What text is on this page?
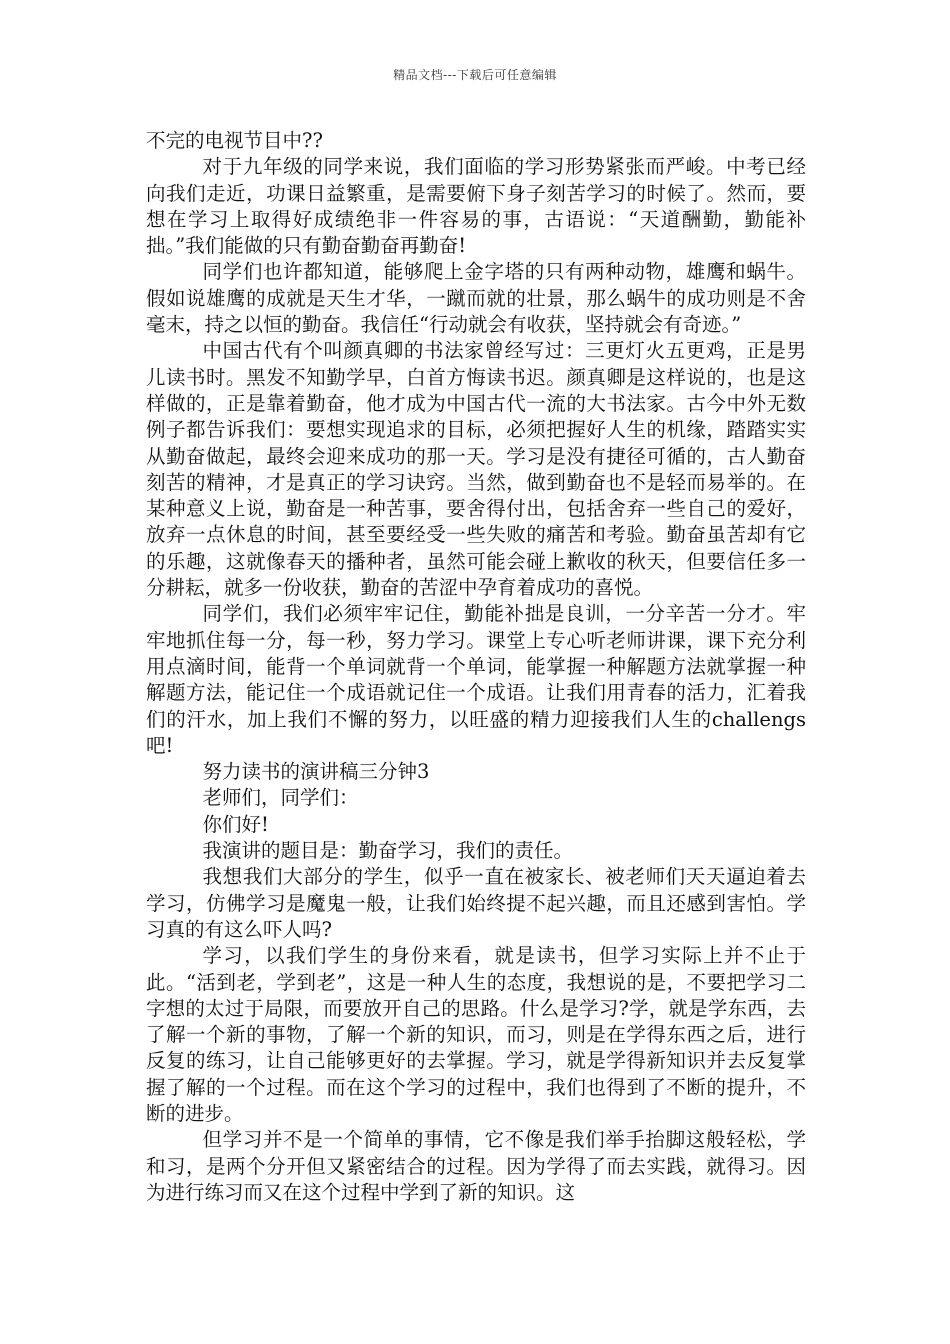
精品文档---下载后可任意编辑

不完的电视节目中??

对于九年级的同学来说，我们面临的学习形势紧张而严峻。中考已经向我们走近，功课日益繁重，是需要俯下身子刻苦学习的时候了。然而，要想在学习上取得好成绩绝非一件容易的事，古语说：“天道酬勤，勤能补拙。”我们能做的只有勤奋勤奋再勤奋!

同学们也许都知道，能够爬上金字塔的只有两种动物，雄鹰和蜗牛。假如说雄鹰的成就是天生才华，一蹴而就的壮景，那么蜗牛的成功则是不舍毫末，持之以恒的勤奋。我信任“行动就会有收获，坚持就会有奇迹。”

中国古代有个叫颜真卿的书法家曾经写过：三更灯火五更鸡，正是男儿读书时。黑发不知勤学早，白首方悔读书迟。颜真卿是这样说的，也是这样做的，正是靠着勤奋，他才成为中国古代一流的大书法家。古今中外无数例子都告诉我们：要想实现追求的目标，必须把握好人生的机缘，踏踏实实从勤奋做起，最终会迎来成功的那一天。学习是没有捷径可循的，古人勤奋刻苦的精神，才是真正的学习诀窍。当然，做到勤奋也不是轻而易举的。在某种意义上说，勤奋是一种苦事，要舍得付出，包括舍弃一些自己的爱好，放弃一点休息的时间，甚至要经受一些失败的痛苦和考验。勤奋虽苦却有它的乐趣，这就像春天的播种者，虽然可能会碰上歉收的秋天，但要信任多一分耕耘，就多一份收获，勤奋的苦涩中孕育着成功的喜悦。

同学们，我们必须牢牢记住，勤能补拙是良训，一分辛苦一分才。牢牢地抓住每一分，每一秒，努力学习。课堂上专心听老师讲课，课下充分利用点滴时间，能背一个单词就背一个单词，能掌握一种解题方法就掌握一种解题方法，能记住一个成语就记住一个成语。让我们用青春的活力，汇着我们的汗水，加上我们不懈的努力，以旺盛的精力迎接我们人生的challengs吧!

努力读书的演讲稿三分钟3

老师们，同学们：

你们好!

我演讲的题目是：勤奋学习，我们的责任。

我想我们大部分的学生，似乎一直在被家长、被老师们天天逼迫着去学习，仿佛学习是魔鬼一般，让我们始终提不起兴趣，而且还感到害怕。学习真的有这么吓人吗?

学习，以我们学生的身份来看，就是读书，但学习实际上并不止于此。“活到老，学到老”，这是一种人生的态度，我想说的是，不要把学习二字想的太过于局限，而要放开自己的思路。什么是学习?学，就是学东西，去了解一个新的事物，了解一个新的知识，而习，则是在学得东西之后，进行反复的练习，让自己能够更好的去掌握。学习，就是学得新知识并去反复掌握了解的一个过程。而在这个学习的过程中，我们也得到了不断的提升，不断的进步。

但学习并不是一个简单的事情，它不像是我们举手抬脚这般轻松，学和习，是两个分开但又紧密结合的过程。因为学得了而去实践，就得习。因为进行练习而又在这个过程中学到了新的知识。这
